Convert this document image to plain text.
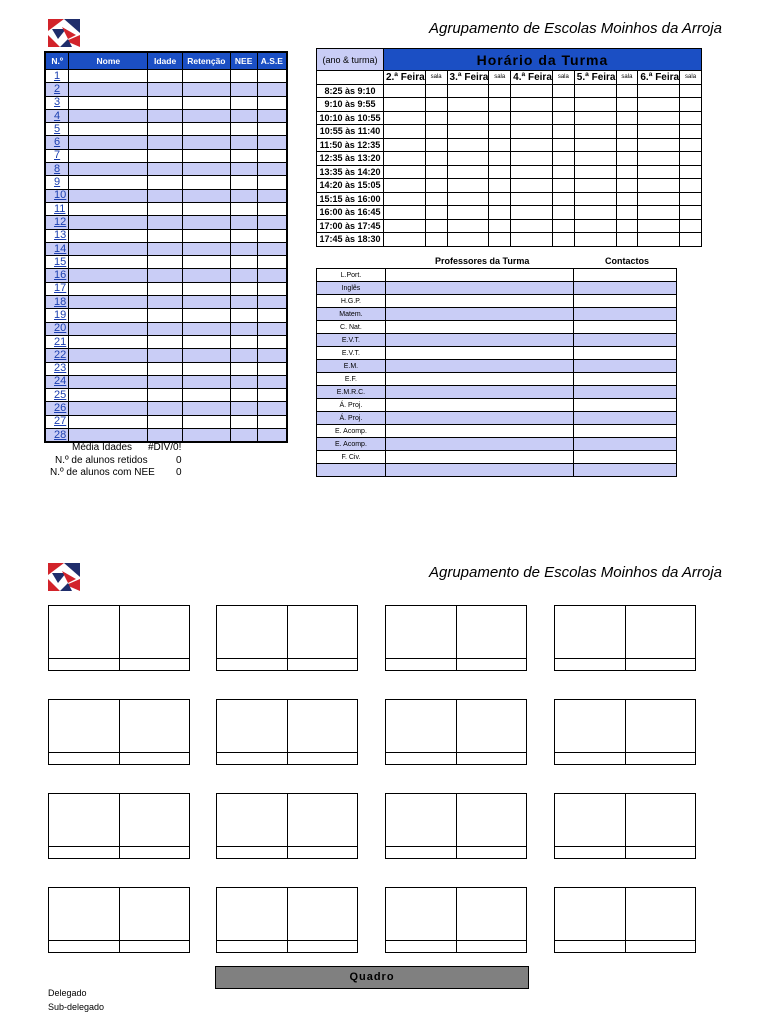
Agrupamento de Escolas Moinhos da Arroja
N.º	Nome	Idade	Retenção	NEE	A.S.E
1					
2					
3					
4					
5					
6					
7					
8					
9					
10					
11					
12					
13					
14					
15					
16					
17					
18					
19					
20					
21					
22					
23					
24					
25					
26					
27					
28					
Média Idades #DIV/0!
N.º de alunos retidos	0
N.º de alunos com NEE 0
(ano & turma)	Horário da Turma									
	2.ª Feira	sala	3.ª Feira	sala	4.ª Feira	sala	5.ª Feira	sala	6.ª Feira	sala
8:25 às 9:10										
9:10 às 9:55										
10:10 às 10:55										
10:55 às 11:40										
11:50 às 12:35										
12:35 às 13:20										
13:35 às 14:20										
14:20 às 15:05										
15:15 às 16:00										
16:00 às 16:45										
17:00 às 17:45										
17:45 às 18:30										
Professores da Turma	Contactos
L.Port.		
Inglês		
H.G.P.		
Matem.		
C. Nat.		
E.V.T.		
E.V.T.		
E.M.		
E.F.		
E.M.R.C.		
Á. Proj.		
Á. Proj.		
E. Acomp.		
E. Acomp.		
F. Civ.		

Agrupamento de Escolas Moinhos da Arroja
Quadro
Delegado
Sub-delegado
